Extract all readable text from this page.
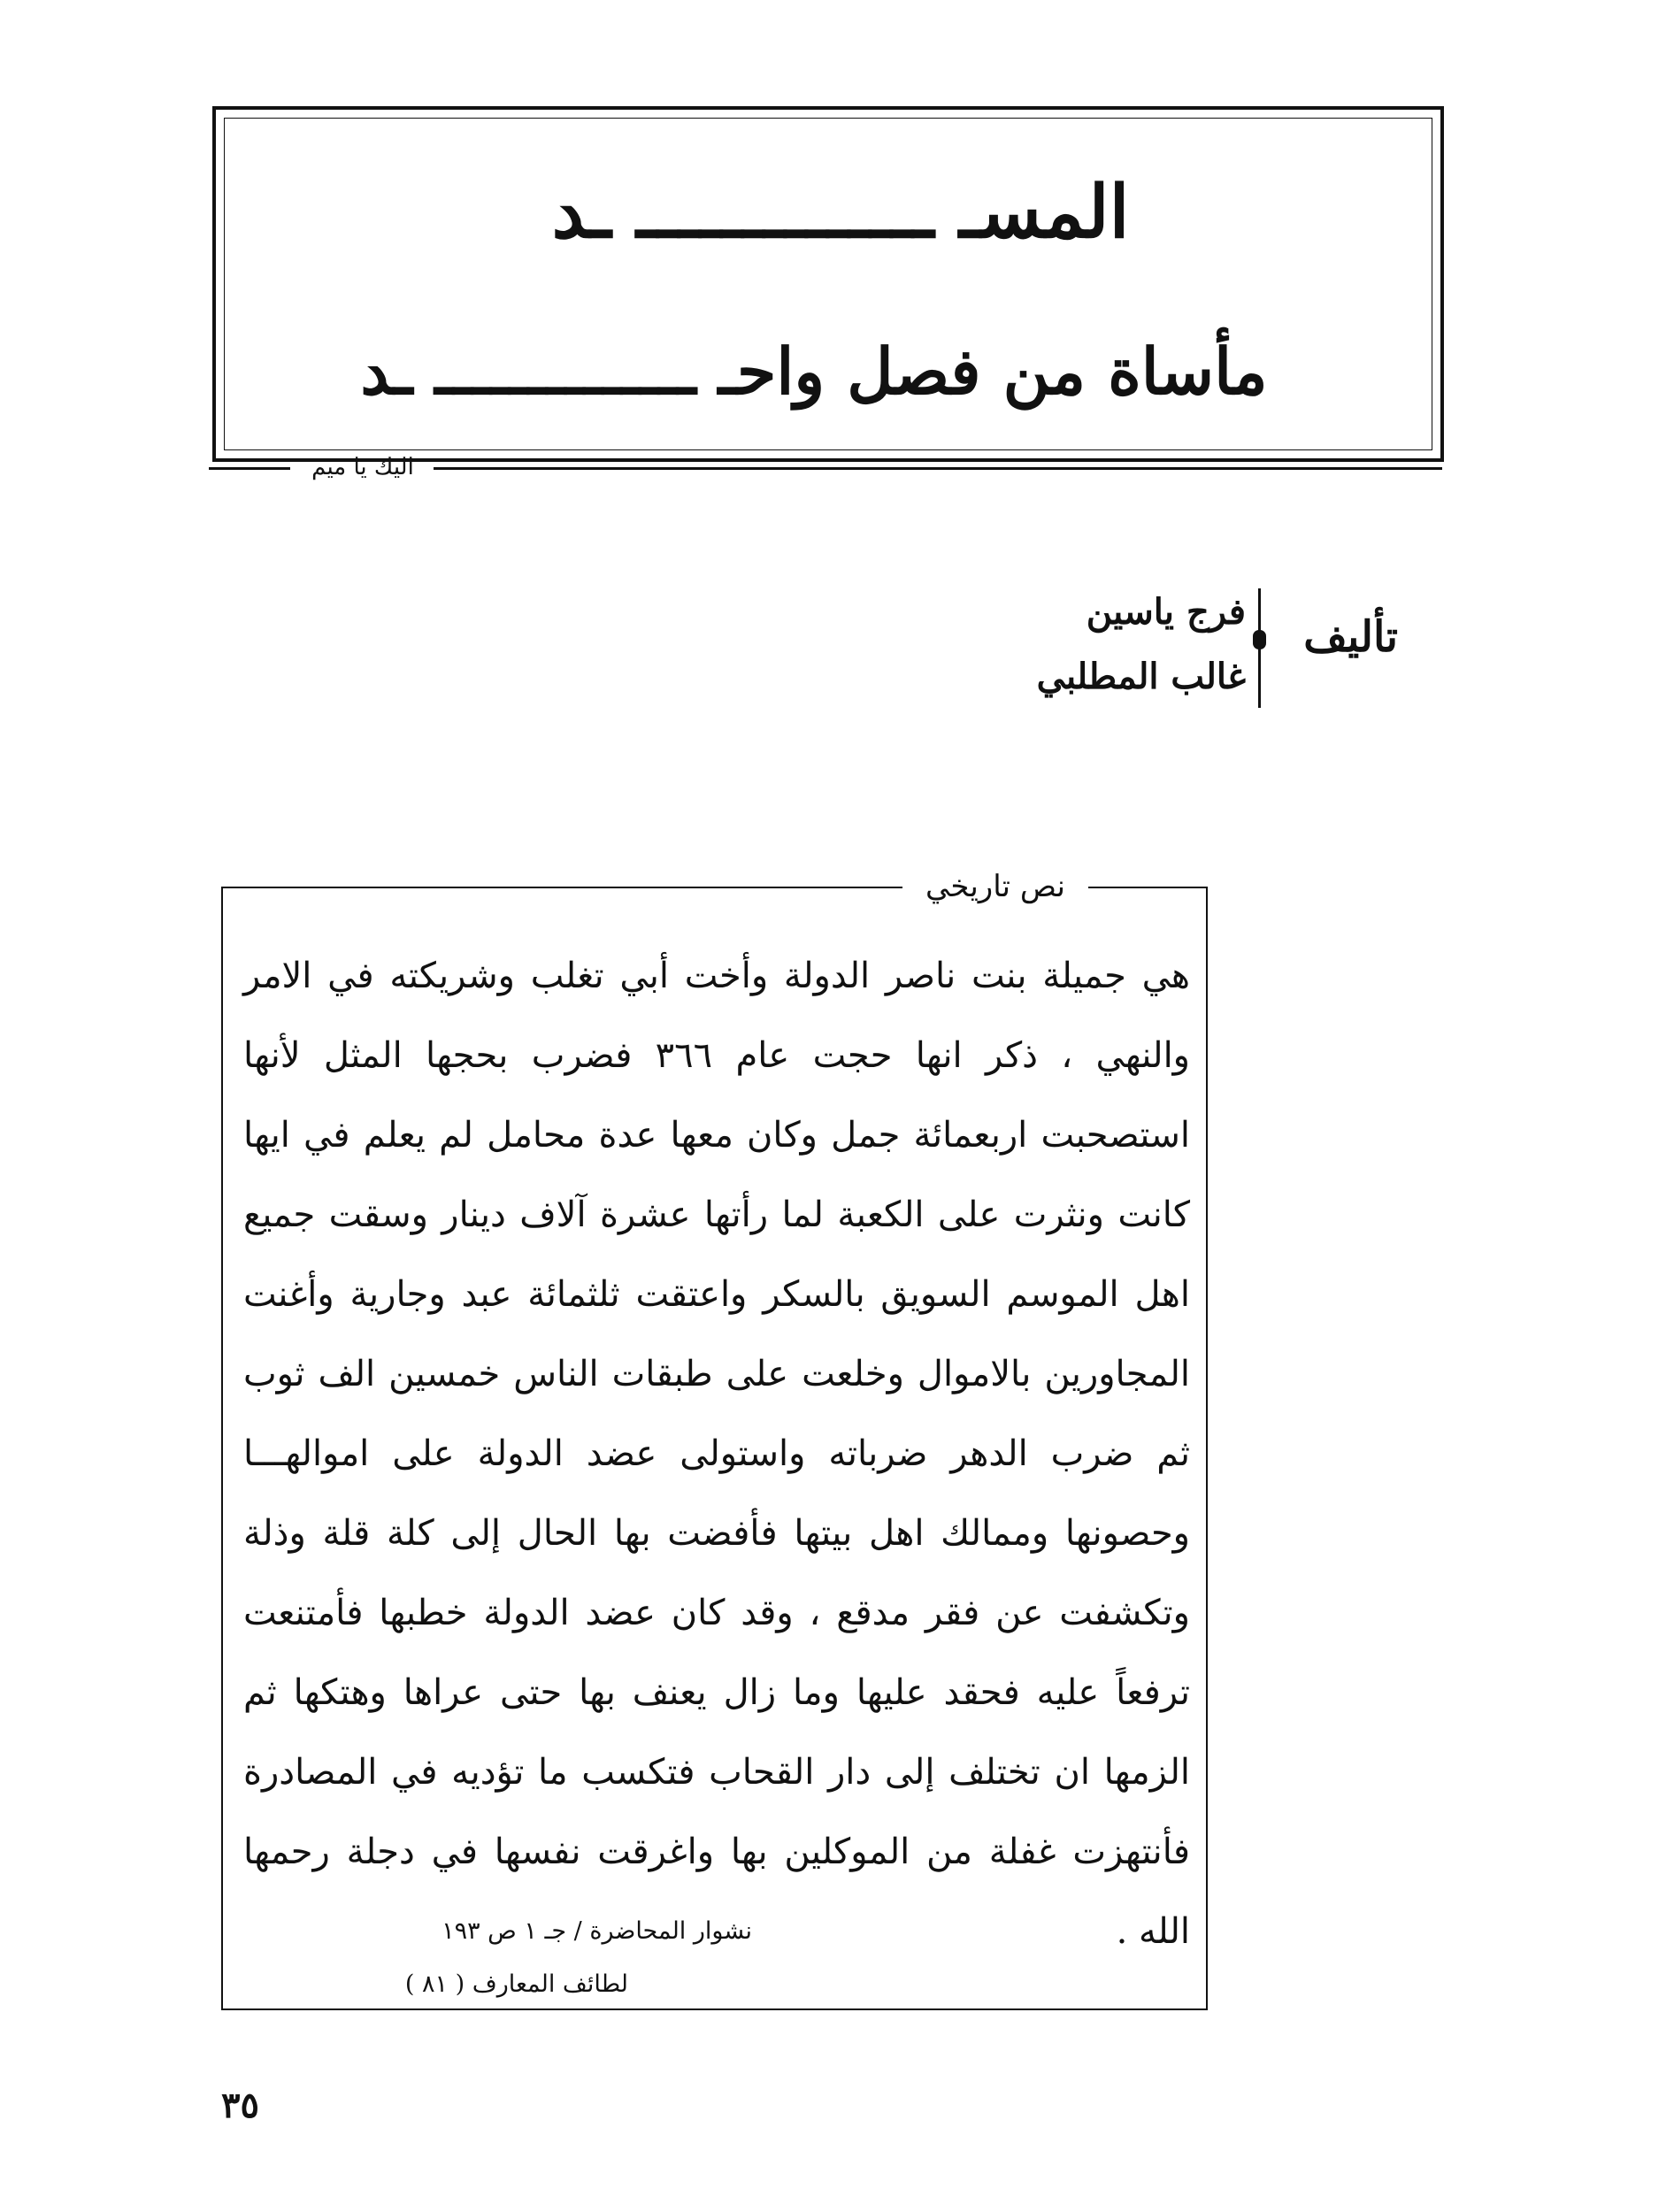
المسـ ــــــــــــــ ـد
مأساة من فصل واحـ ــــــــــــــ ـد
اليك يا ميم
تأليف
فرج ياسين
غالب المطلبي
نص تاريخي
هي جميلة بنت ناصر الدولة وأخت أبي تغلب وشريكته في الامر والنهي ، ذكر انها حجت عام ٣٦٦ فضرب بحجها المثل لأنها استصحبت اربعمائة جمل وكان معها عدة محامل لم يعلم في ايها كانت ونثرت على الكعبة لما رأتها عشرة آلاف دينار وسقت جميع اهل الموسم السويق بالسكر واعتقت ثلثمائة عبد وجارية وأغنت المجاورين بالاموال وخلعت على طبقات الناس خمسين الف ثوب ثم ضرب الدهر ضرباته واستولى عضد الدولة على اموالهـــا وحصونها وممالك اهل بيتها فأفضت بها الحال إلى كلة قلة وذلة وتكشفت عن فقر مدقع ، وقد كان عضد الدولة خطبها فأمتنعت ترفعاً عليه فحقد عليها وما زال يعنف بها حتى عراها وهتكها ثم الزمها ان تختلف إلى دار القحاب فتكسب ما تؤديه في المصادرة فأنتهزت غفلة من الموكلين بها واغرقت نفسها في دجلة رحمها الله .
نشوار المحاضرة / جـ ١ ص ١٩٣
لطائف المعارف ( ٨١ )
٣٥
